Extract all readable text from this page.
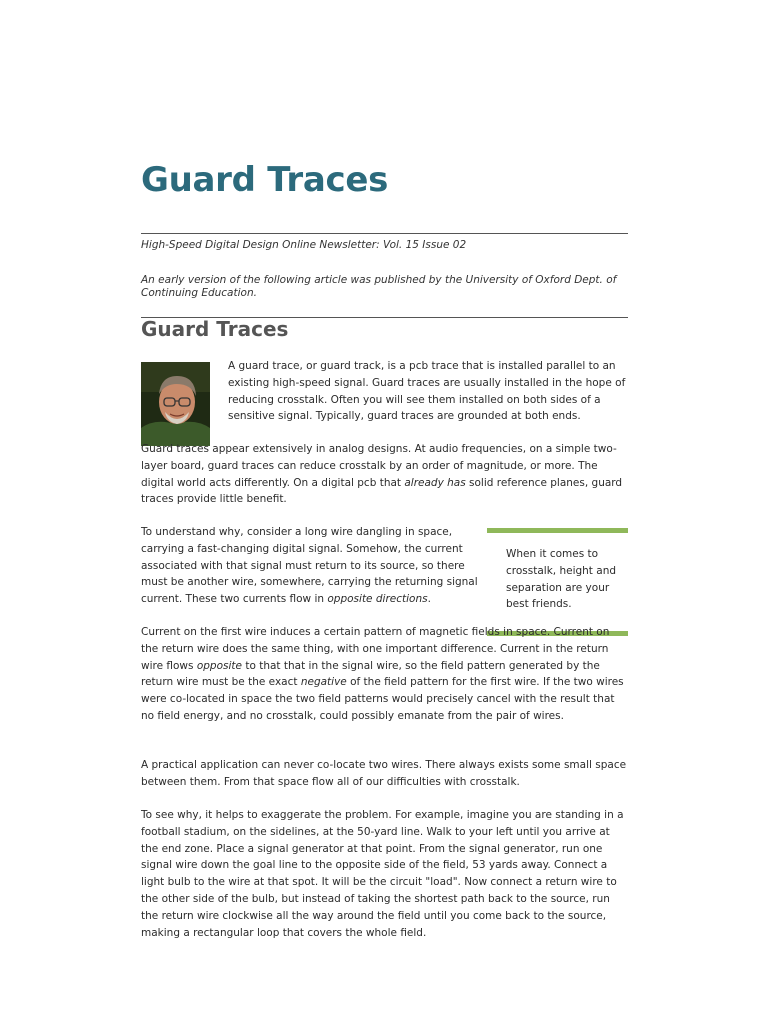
Guard Traces

High-Speed Digital Design Online Newsletter: Vol. 15 Issue 02

An early version of the following article was published by the University of Oxford Dept. of Continuing Education.

Guard Traces

A guard trace, or guard track, is a pcb trace that is installed parallel to an existing high-speed signal. Guard traces are usually installed in the hope of reducing crosstalk. Often you will see them installed on both sides of a sensitive signal. Typically, guard traces are grounded at both ends.

Guard traces appear extensively in analog designs. At audio frequencies, on a simple two-layer board, guard traces can reduce crosstalk by an order of magnitude, or more. The digital world acts differently. On a digital pcb that already has solid reference planes, guard traces provide little benefit.

When it comes to crosstalk, height and separation are your best friends.

To understand why, consider a long wire dangling in space, carrying a fast-changing digital signal. Somehow, the current associated with that signal must return to its source, so there must be another wire, somewhere, carrying the returning signal current. These two currents flow in opposite directions.

Current on the first wire induces a certain pattern of magnetic fields in space. Current on the return wire does the same thing, with one important difference. Current in the return wire flows opposite to that that in the signal wire, so the field pattern generated by the return wire must be the exact negative of the field pattern for the first wire. If the two wires were co-located in space the two field patterns would precisely cancel with the result that no field energy, and no crosstalk, could possibly emanate from the pair of wires.

A practical application can never co-locate two wires. There always exists some small space between them. From that space flow all of our difficulties with crosstalk.

To see why, it helps to exaggerate the problem. For example, imagine you are standing in a football stadium, on the sidelines, at the 50-yard line. Walk to your left until you arrive at the end zone. Place a signal generator at that point. From the signal generator, run one signal wire down the goal line to the opposite side of the field, 53 yards away. Connect a light bulb to the wire at that spot. It will be the circuit "load". Now connect a return wire to the other side of the bulb, but instead of taking the shortest path back to the source, run the return wire clockwise all the way around the field until you come back to the source, making a rectangular loop that covers the whole field.
